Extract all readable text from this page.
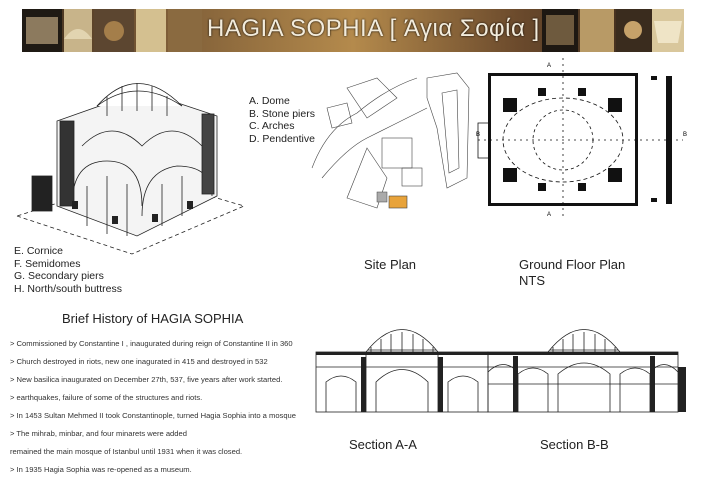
HAGIA SOPHIA [ Άγια Σοφία ]
A. Dome
B. Stone piers
C. Arches
D. Pendentive
E. Cornice
F. Semidomes
G. Secondary piers
H. North/south buttress
Site Plan
A
A
B	B
Ground Floor Plan
NTS
Section A-A	Section B-B
Brief History of HAGIA SOPHIA
> Commissioned by Constantine I , inaugurated during reign of Constantine II in 360
> Church destroyed in riots, new one inagurated in 415 and destroyed in 532
> New basilica inaugurated on December 27th, 537, five years after work started.
> earthquakes, failure of some of the structures and riots.
> In 1453 Sultan Mehmed II took Constantinople, turned Hagia Sophia into a mosque
> The mihrab, minbar, and four minarets were added
remained the main mosque of Istanbul until 1931 when it was closed.
> In 1935 Hagia Sophia was re-opened as a museum.
